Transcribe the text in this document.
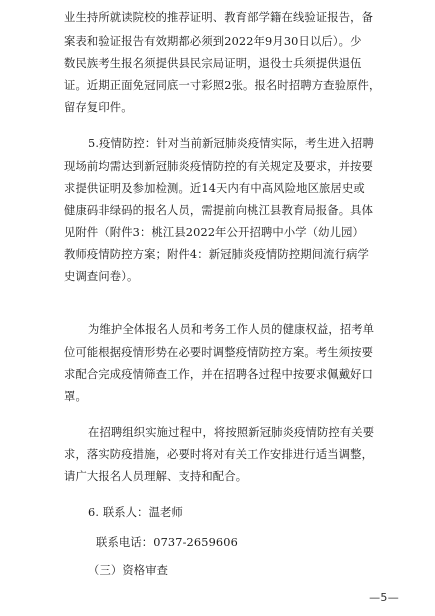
业生持所就读院校的推荐证明、教育部学籍在线验证报告，备
案表和验证报告有效期都必须到2022年9月30日以后）。少
数民族考生报名须提供县民宗局证明，退役士兵须提供退伍
证。近期正面免冠同底一寸彩照2张。报名时招聘方查验原件，
留存复印件。
5.疫情防控：针对当前新冠肺炎疫情实际，考生进入招聘
现场前均需达到新冠肺炎疫情防控的有关规定及要求，并按要
求提供证明及参加检测。近14天内有中高风险地区旅居史或
健康码非绿码的报名人员，需提前向桃江县教育局报备。具体
见附件（附件3：桃江县2022年公开招聘中小学（幼儿园）
教师疫情防控方案；附件4：新冠肺炎疫情防控期间流行病学
史调查问卷）。
为维护全体报名人员和考务工作人员的健康权益，招考单
位可能根据疫情形势在必要时调整疫情防控方案。考生须按要
求配合完成疫情筛查工作，并在招聘各过程中按要求佩戴好口
罩。
在招聘组织实施过程中，将按照新冠肺炎疫情防控有关要
求，落实防疫措施，必要时将对有关工作安排进行适当调整，
请广大报名人员理解、支持和配合。
6. 联系人：温老师
联系电话：0737-2659606
（三）资格审查
—5—
